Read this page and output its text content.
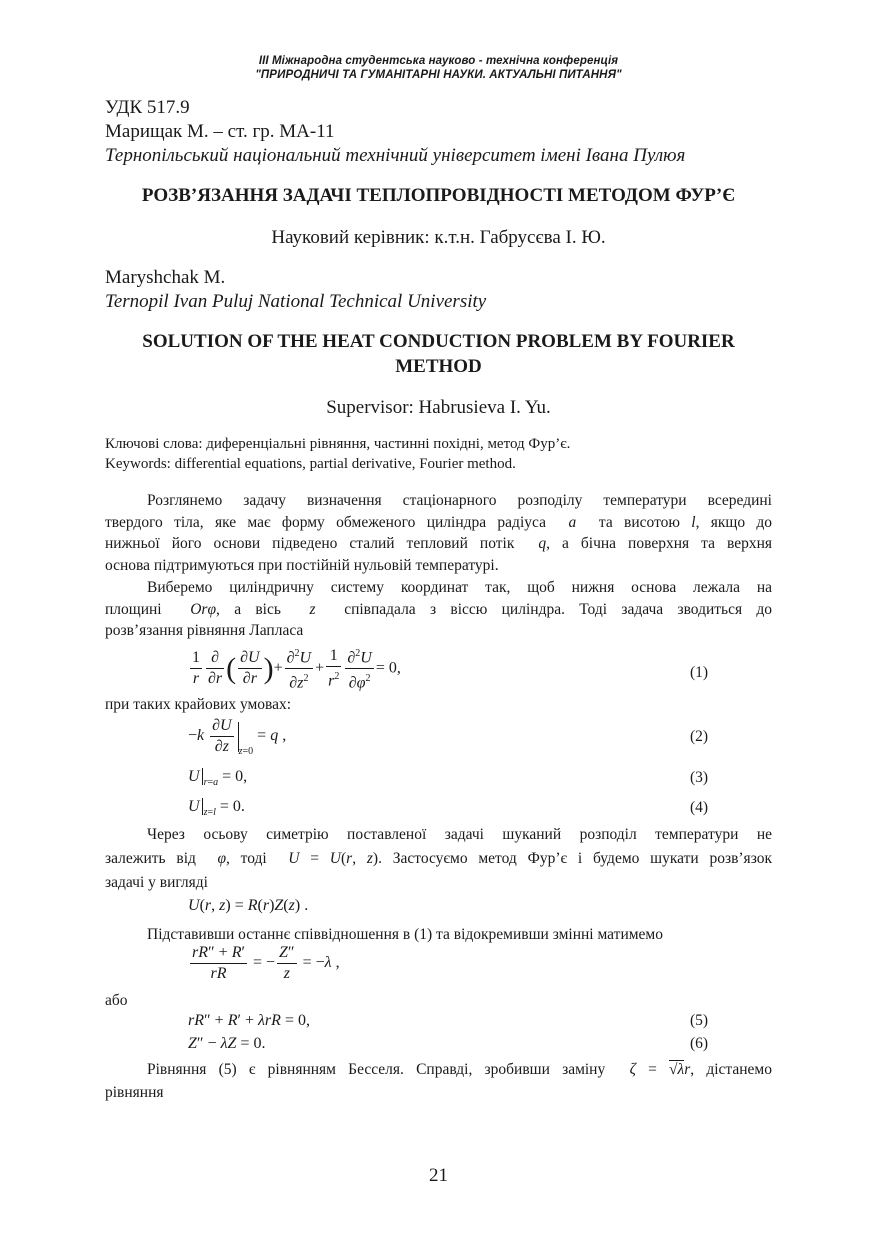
III Міжнародна студентська науково - технічна конференція
"ПРИРОДНИЧІ ТА ГУМАНІТАРНІ НАУКИ. АКТУАЛЬНІ ПИТАННЯ"
УДК 517.9
Марищак М. – ст. гр. МА-11
Тернопільський національний технічний університет імені Івана Пулюя
РОЗВ’ЯЗАННЯ ЗАДАЧІ ТЕПЛОПРОВІДНОСТІ МЕТОДОМ ФУР’Є
Науковий керівник: к.т.н. Габрусєва І. Ю.
Maryshchak M.
Ternopil Ivan Puluj National Technical University
SOLUTION OF THE HEAT CONDUCTION PROBLEM BY FOURIER METHOD
Supervisor: Habrusieva I. Yu.
Ключові слова: диференціальні рівняння, частинні похідні, метод Фур’є.
Keywords: differential equations, partial derivative, Fourier method.

Розглянемо задачу визначення стаціонарного розподілу температури всередині

твердого тіла, яке має форму обмеженого циліндра радіуса a та висотою l, якщо до

нижньої його основи підведено сталий тепловий потік q, а бічна поверхня та верхня

основа підтримуються при постійній нульовій температурі.

Виберемо циліндричну систему координат так, щоб нижня основа лежала на

площині Orφ, а вісь z співпадала з віссю циліндра. Тоді задача зводиться до

розв’язання рівняння Лапласа

$\frac{1}{r} \frac{\partial}{\partial r}$ ( $\frac{\partial U}{\partial r}$ )+ $\frac{\partial^2U}{\partial z^2} + \frac{1}{r^2} \frac{\partial^2U}{\partial\varphi^2} = 0$,	(1)
при таких крайових умовах:
$-k \frac{\partial U}{\partial z} _{z=0} = q$ ,	(2)
U $_{r=a}$ = 0,	(3)
U $_{z=l}$ = 0.	(4)

Через осьову симетрію поставленої задачі шуканий розподіл температури не

залежить від φ, тоді U = U(r, z). Застосуємо метод Фур’є і будемо шукати розв’язок

задачі у вигляді

U(r, z) = R(r)Z(z) .

Підставивши останнє співвідношення в (1) та відокремивши змінні матимемо

$\frac{rR'' + R'}{rR}$ = − $\frac{Z''}{z} = -\lambda$ ,
або
rR″ + R′ + λrR = 0,	(5)
Z″ − λZ = 0.	(6)

Рівняння (5) є рівнянням Бесселя. Справді, зробивши заміну ζ = √λr, дістанемо

рівняння

21
